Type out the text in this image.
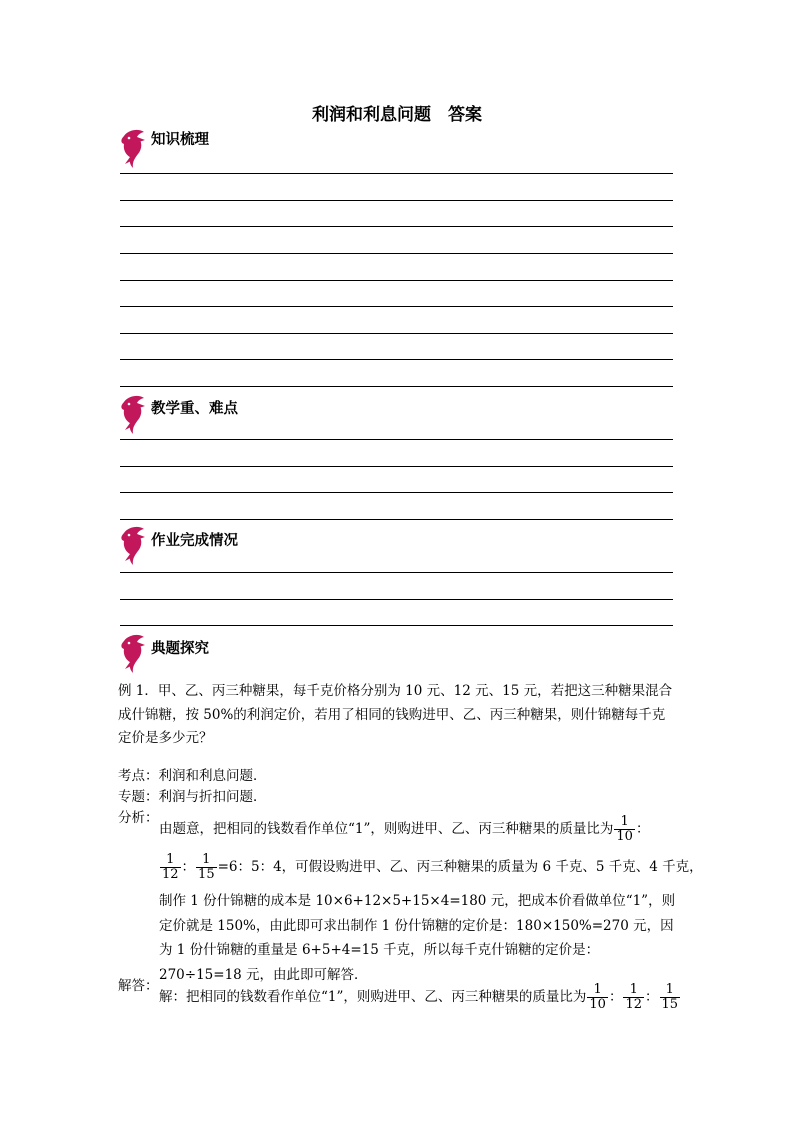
利润和利息问题　答案
知识梳理
教学重、难点
作业完成情况
典题探究
例 1．甲、乙、丙三种糖果，每千克价格分别为 10 元、12 元、15 元，若把这三种糖果混合成什锦糖，按 50%的利润定价，若用了相同的钱购进甲、乙、丙三种糖果，则什锦糖每千克定价是多少元？
考点：利润和利息问题．
专题：利润与折扣问题．
分析：
由题意，把相同的钱数看作单位“1”，则购进甲、乙、丙三种糖果的质量比为 $\frac{1}{10}$ ：
$\frac{1}{12}$ ： $\frac{1}{15} =6$：5：4，可假设购进甲、乙、丙三种糖果的质量为 6 千克、5 千克、4 千克，
制作 1 份什锦糖的成本是 10×6+12×5+15×4=180 元，把成本价看做单位“1”，则定价就是 150%，由此即可求出制作 1 份什锦糖的定价是：180×150%=270 元，因为 1 份什锦糖的重量是 6+5+4=15 千克，所以每千克什锦糖的定价是：270÷15=18 元，由此即可解答．
解答：
解：把相同的钱数看作单位“1”，则购进甲、乙、丙三种糖果的质量比为 $\frac{1}{10}$ ： $\frac{1}{12}$ ： $\frac{1}{15}$
